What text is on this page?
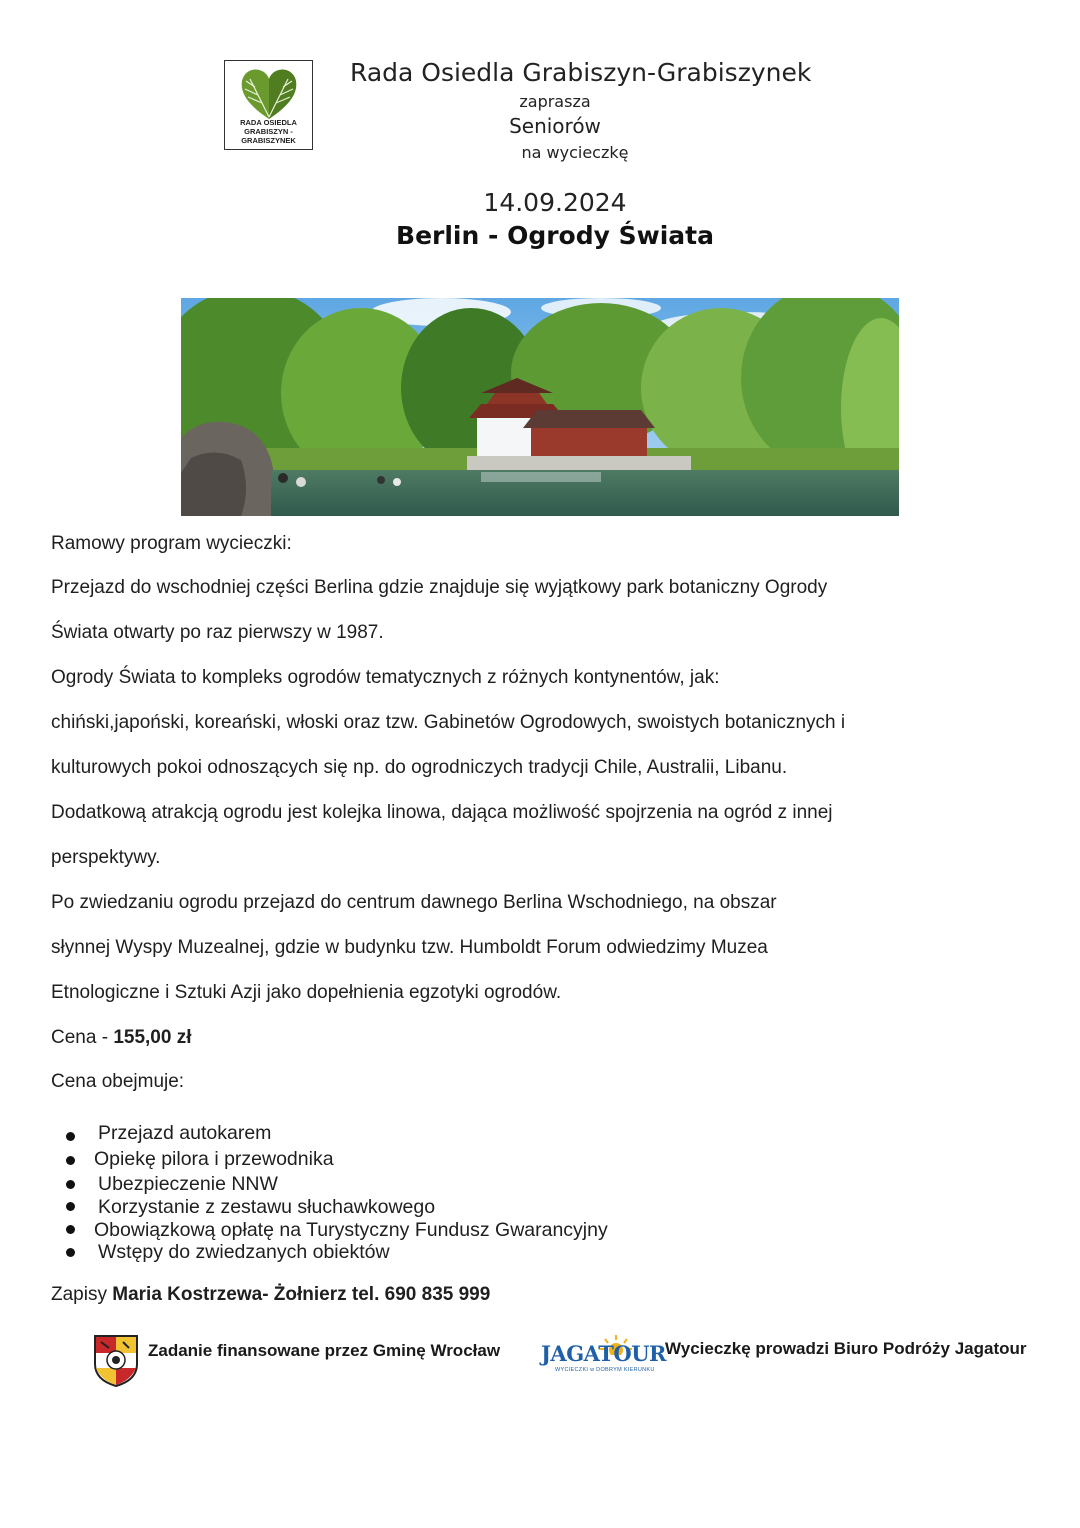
RADA OSIEDLA
GRABISZYN -
GRABISZYNEK
Rada Osiedla Grabiszyn-Grabiszynek
zaprasza
Seniorów
na wycieczkę
14.09.2024
Berlin - Ogrody Świata
Ramowy program wycieczki:
Przejazd do wschodniej części Berlina gdzie znajduje się wyjątkowy park botaniczny Ogrody
Świata otwarty po raz pierwszy w 1987.
Ogrody Świata to kompleks ogrodów tematycznych z różnych kontynentów, jak:
chiński,japoński, koreański, włoski oraz tzw. Gabinetów Ogrodowych, swoistych botanicznych i
kulturowych pokoi odnoszących się np. do ogrodniczych tradycji Chile, Australii, Libanu.
Dodatkową atrakcją ogrodu jest kolejka linowa, dająca możliwość spojrzenia na ogród z innej
perspektywy.
Po zwiedzaniu ogrodu przejazd do centrum dawnego Berlina Wschodniego, na obszar
słynnej Wyspy Muzealnej, gdzie w budynku tzw. Humboldt Forum odwiedzimy Muzea
Etnologiczne i Sztuki Azji jako dopełnienia egzotyki ogrodów.
Cena - 155,00 zł
Cena obejmuje:
Przejazd autokarem
Opiekę pilora i przewodnika
Ubezpieczenie NNW
Korzystanie z zestawu słuchawkowego
Obowiązkową opłatę na Turystyczny Fundusz Gwarancyjny
Wstępy do zwiedzanych obiektów
Zapisy Maria Kostrzewa- Żołnierz tel. 690 835 999
Zadanie finansowane przez Gminę Wrocław JAGATOUR
WYCIECZKI w DOBRYM KIERUNKU
Wycieczkę prowadzi Biuro Podróży Jagatour
